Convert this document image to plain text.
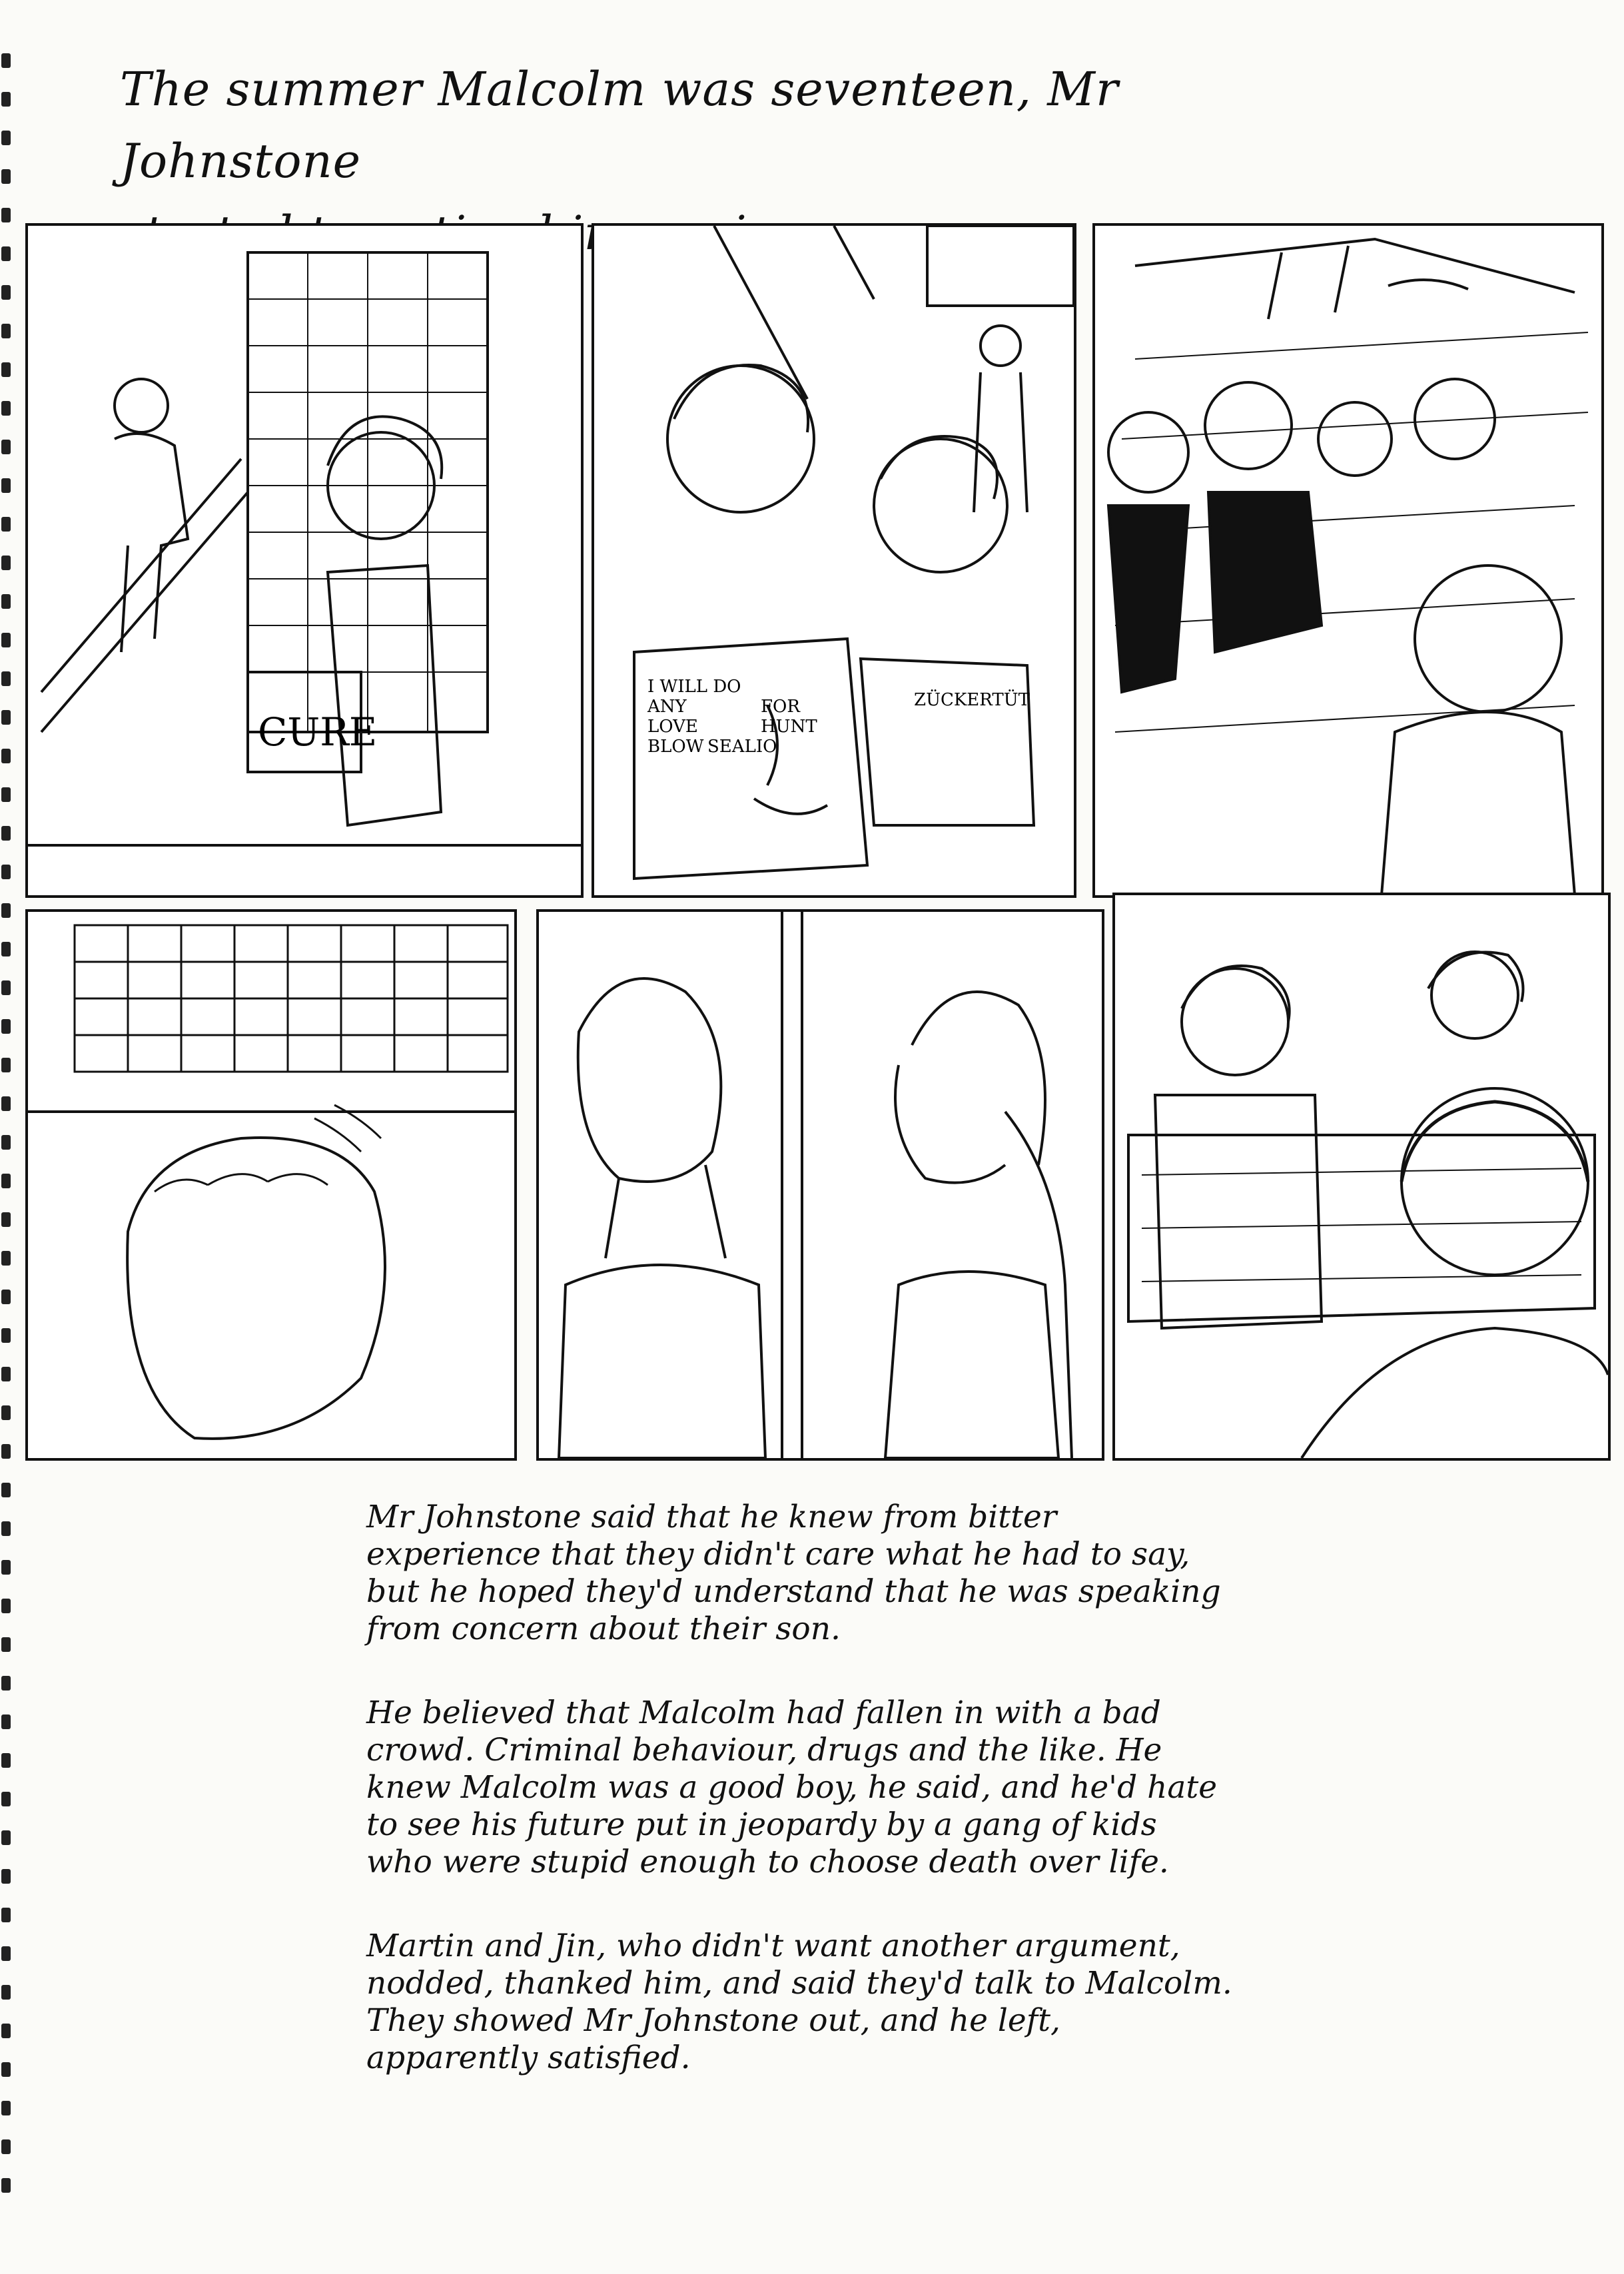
The summer Malcolm was seventeen, Mr Johnstone
CURE
I WILL DO ANY	FOR LOVE	HUNT BLOW SEALIO
ZÜCKERTÜT

Mr Johnstone said that he knew from bitter experience that they didn't care what he had to say, but he hoped they'd understand that he was speaking from concern about their son.

He believed that Malcolm had fallen in with a bad crowd. Criminal behaviour, drugs and the like. He knew Malcolm was a good boy, he said, and he'd hate to see his future put in jeopardy by a gang of kids who were stupid enough to choose death over life.

Martin and Jin, who didn't want another argument, nodded, thanked him, and said they'd talk to Malcolm. They showed Mr Johnstone out, and he left, apparently satisfied.
